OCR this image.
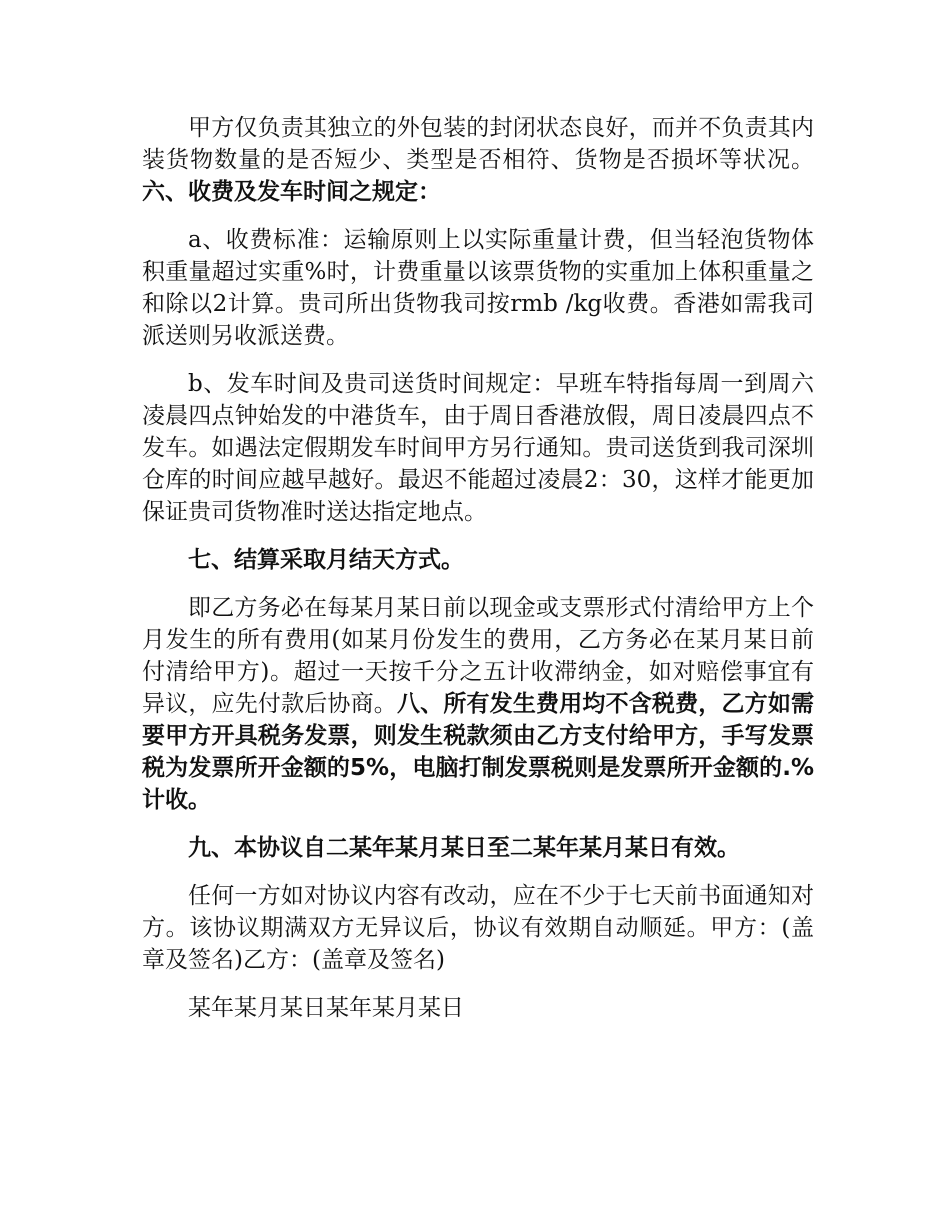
甲方仅负责其独立的外包装的封闭状态良好，而并不负责其内装货物数量的是否短少、类型是否相符、货物是否损坏等状况。六、收费及发车时间之规定：

a、收费标准：运输原则上以实际重量计费，但当轻泡货物体积重量超过实重%时，计费重量以该票货物的实重加上体积重量之和除以2计算。贵司所出货物我司按rmb /kg收费。香港如需我司派送则另收派送费。

b、发车时间及贵司送货时间规定：早班车特指每周一到周六凌晨四点钟始发的中港货车，由于周日香港放假，周日凌晨四点不发车。如遇法定假期发车时间甲方另行通知。贵司送货到我司深圳仓库的时间应越早越好。最迟不能超过凌晨2：30，这样才能更加保证贵司货物准时送达指定地点。

七、结算采取月结天方式。

即乙方务必在每某月某日前以现金或支票形式付清给甲方上个月发生的所有费用(如某月份发生的费用，乙方务必在某月某日前付清给甲方)。超过一天按千分之五计收滞纳金，如对赔偿事宜有异议，应先付款后协商。八、所有发生费用均不含税费，乙方如需要甲方开具税务发票，则发生税款须由乙方支付给甲方，手写发票税为发票所开金额的5%，电脑打制发票税则是发票所开金额的.%计收。

九、本协议自二某年某月某日至二某年某月某日有效。

任何一方如对协议内容有改动，应在不少于七天前书面通知对方。该协议期满双方无异议后，协议有效期自动顺延。甲方：(盖章及签名)乙方：(盖章及签名)

某年某月某日某年某月某日
